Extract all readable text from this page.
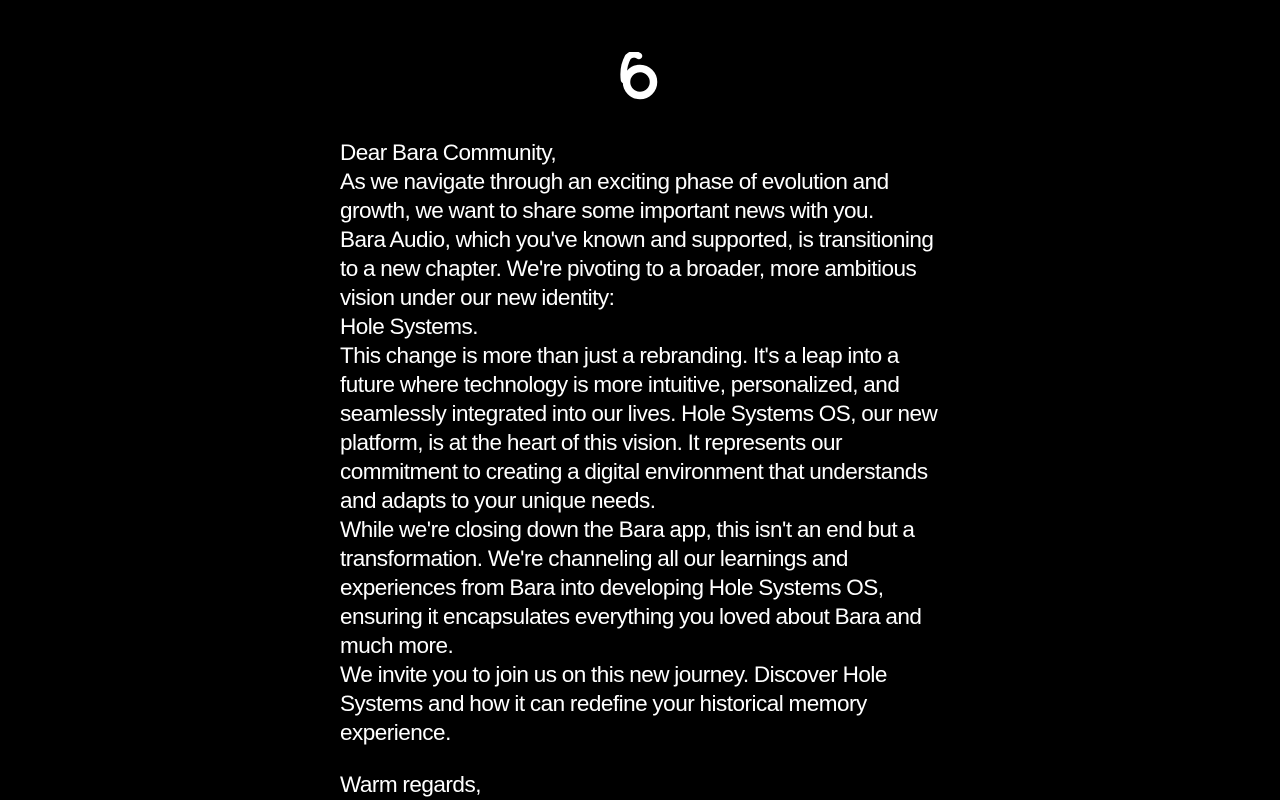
Dear Bara Community,

As we navigate through an exciting phase of evolution and growth, we want to share some important news with you.

Bara Audio, which you've known and supported, is transitioning to a new chapter. We're pivoting to a broader, more ambitious vision under our new identity:

Hole Systems.

This change is more than just a rebranding. It's a leap into a future where technology is more intuitive, personalized, and seamlessly integrated into our lives. Hole Systems OS, our new platform, is at the heart of this vision. It represents our commitment to creating a digital environment that understands and adapts to your unique needs.

While we're closing down the Bara app, this isn't an end but a transformation. We're channeling all our learnings and experiences from Bara into developing Hole Systems OS, ensuring it encapsulates everything you loved about Bara and much more.

We invite you to join us on this new journey. Discover Hole Systems and how it can redefine your historical memory experience.

Warm regards,
